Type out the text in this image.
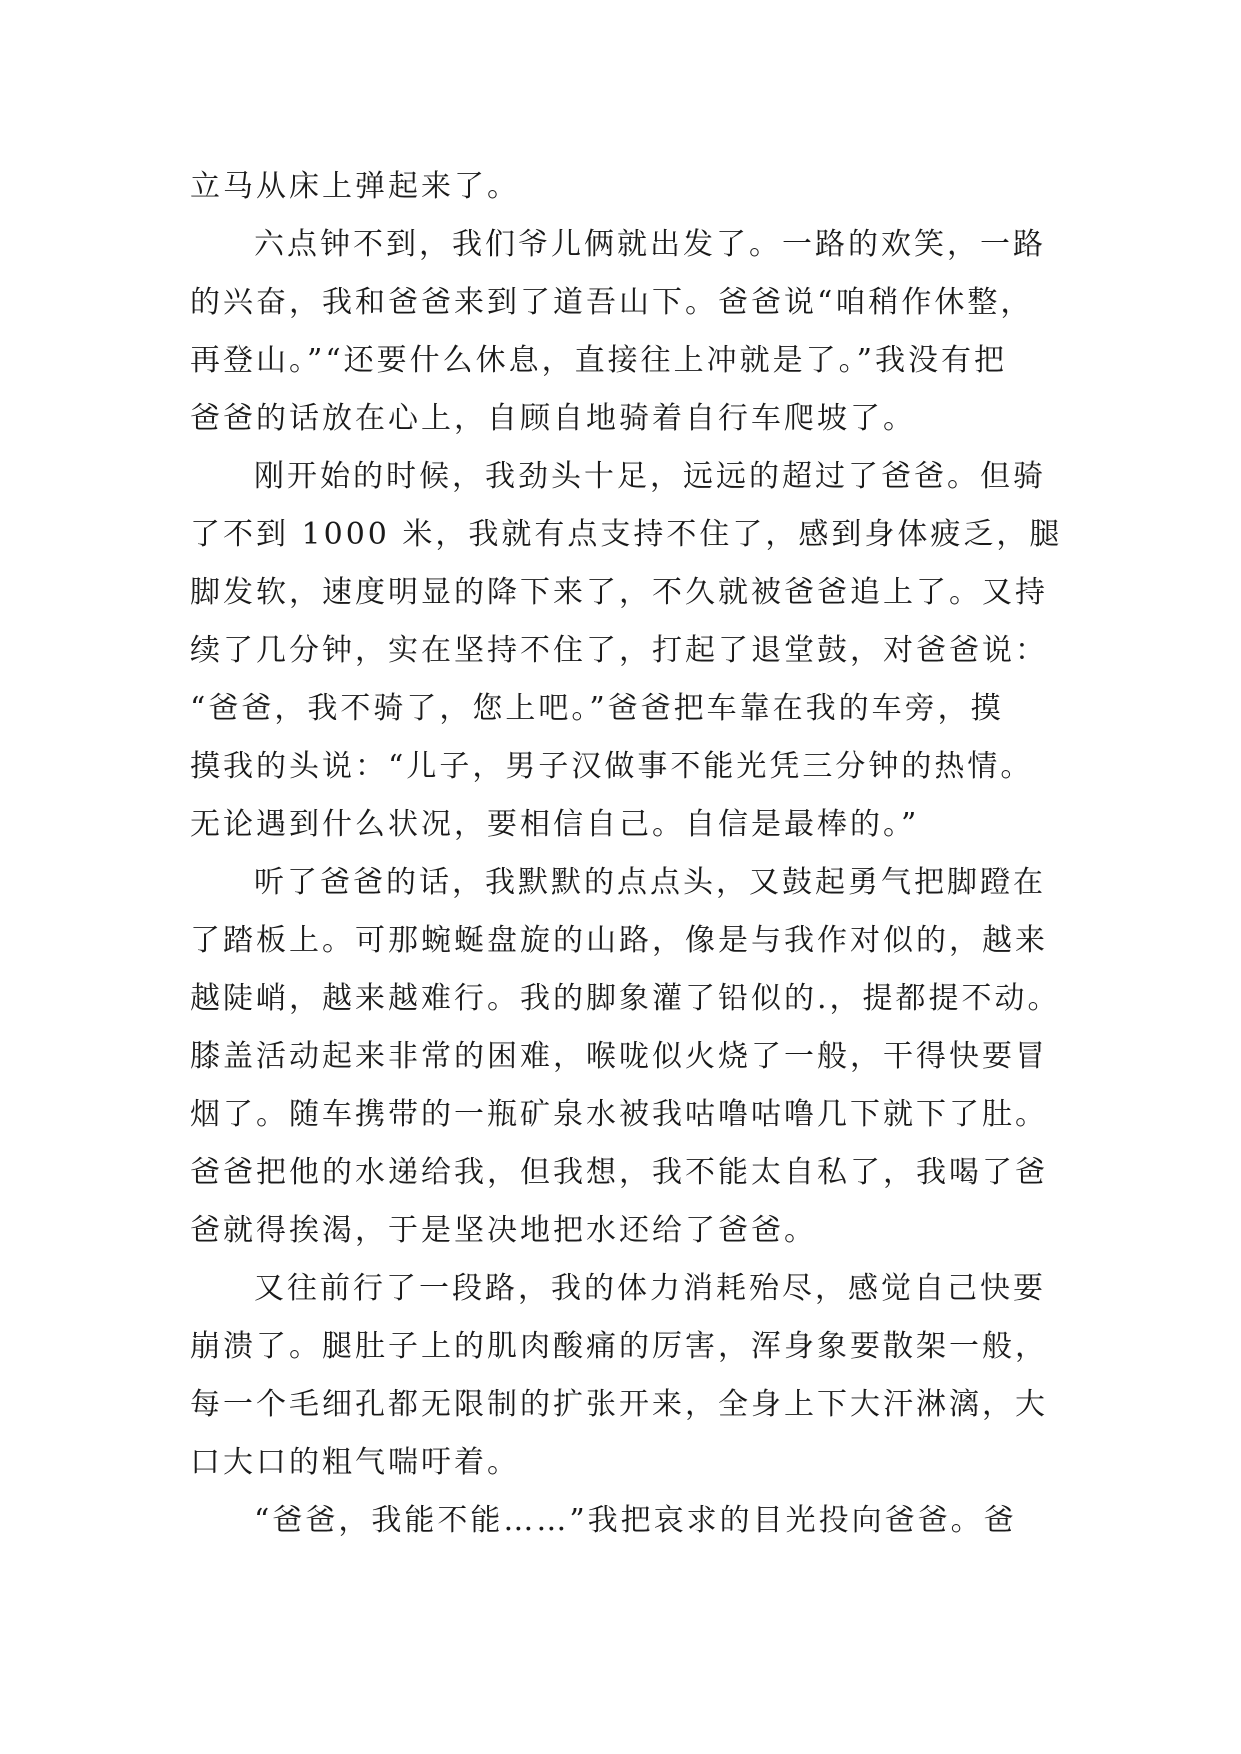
立马从床上弹起来了。
六点钟不到，我们爷儿俩就出发了。一路的欢笑，一路
的兴奋，我和爸爸来到了道吾山下。爸爸说“咱稍作休整，
再登山。”“还要什么休息，直接往上冲就是了。”我没有把
爸爸的话放在心上，自顾自地骑着自行车爬坡了。
刚开始的时候，我劲头十足，远远的超过了爸爸。但骑
了不到 1000 米，我就有点支持不住了，感到身体疲乏，腿
脚发软，速度明显的降下来了，不久就被爸爸追上了。又持
续了几分钟，实在坚持不住了，打起了退堂鼓，对爸爸说：
“爸爸，我不骑了，您上吧。”爸爸把车靠在我的车旁，摸
摸我的头说：“儿子，男子汉做事不能光凭三分钟的热情。
无论遇到什么状况，要相信自己。自信是最棒的。”
听了爸爸的话，我默默的点点头，又鼓起勇气把脚蹬在
了踏板上。可那蜿蜒盘旋的山路，像是与我作对似的，越来
越陡峭，越来越难行。我的脚象灌了铅似的.，提都提不动。
膝盖活动起来非常的困难，喉咙似火烧了一般，干得快要冒
烟了。随车携带的一瓶矿泉水被我咕噜咕噜几下就下了肚。
爸爸把他的水递给我，但我想，我不能太自私了，我喝了爸
爸就得挨渴，于是坚决地把水还给了爸爸。
又往前行了一段路，我的体力消耗殆尽，感觉自己快要
崩溃了。腿肚子上的肌肉酸痛的厉害，浑身象要散架一般，
每一个毛细孔都无限制的扩张开来，全身上下大汗淋漓，大
口大口的粗气喘吁着。
“爸爸，我能不能……”我把哀求的目光投向爸爸。爸
